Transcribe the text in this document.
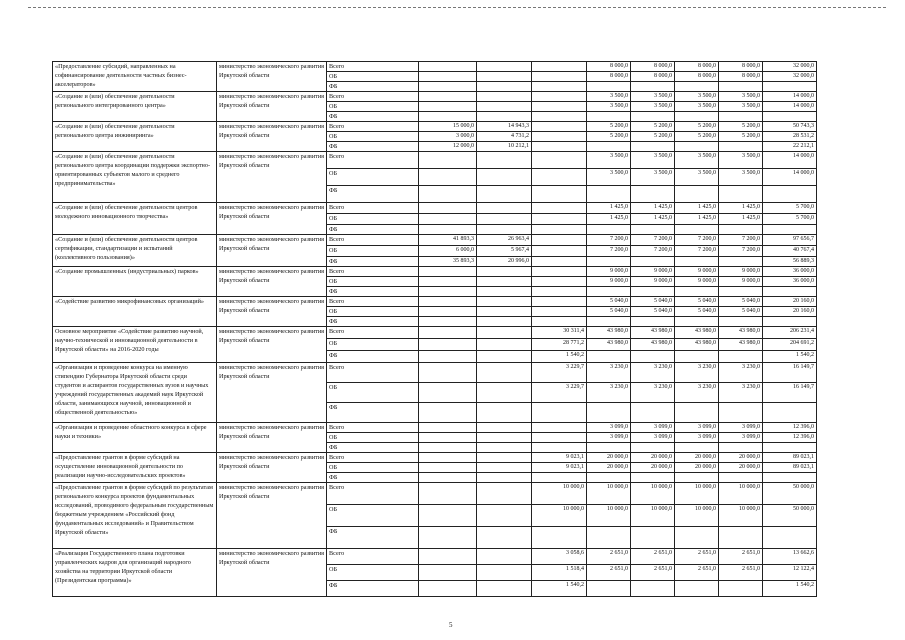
«Предоставление субсидий, направленных на софинансирование деятельности частных бизнес-акселераторов»	министерство экономического развития Иркутской области	Всего				8 000,0	8 000,0	8 000,0	8 000,0	32 000,0
		ОБ				8 000,0	8 000,0	8 000,0	8 000,0	32 000,0
		ФБ								
«Создание и (или) обеспечение деятельности регионального интегрированного центра»	министерство экономического развития Иркутской области	Всего				3 500,0	3 500,0	3 500,0	3 500,0	14 000,0
		ОБ				3 500,0	3 500,0	3 500,0	3 500,0	14 000,0
		ФБ								
«Создание и (или) обеспечение деятельности регионального центра инжиниринга»	министерство экономического развития Иркутской области	Всего	15 000,0	14 943,3		5 200,0	5 200,0	5 200,0	5 200,0	50 743,3
		ОБ	3 000,0	4 731,2		5 200,0	5 200,0	5 200,0	5 200,0	28 531,2
		ФБ	12 000,0	10 212,1						22 212,1
«Создание и (или) обеспечение деятельности регионального центра координации поддержки экспортно-ориентированных субъектов малого и среднего предпринимательства»	министерство экономического развития Иркутской области	Всего				3 500,0	3 500,0	3 500,0	3 500,0	14 000,0
		ОБ				3 500,0	3 500,0	3 500,0	3 500,0	14 000,0
		ФБ								
«Создание и (или) обеспечение деятельности центров молодежного инновационного творчества»	министерство экономического развития Иркутской области	Всего				1 425,0	1 425,0	1 425,0	1 425,0	5 700,0
		ОБ				1 425,0	1 425,0	1 425,0	1 425,0	5 700,0
		ФБ								
«Создание и (или) обеспечение деятельности центров сертификации, стандартизации и испытаний (коллективного пользования)»	министерство экономического развития Иркутской области	Всего	41 893,3	26 963,4		7 200,0	7 200,0	7 200,0	7 200,0	97 656,7
		ОБ	6 000,0	5 967,4		7 200,0	7 200,0	7 200,0	7 200,0	40 767,4
		ФБ	35 893,3	20 996,0						56 889,3
«Создание промышленных (индустриальных) парков»	министерство экономического развития Иркутской области	Всего				9 000,0	9 000,0	9 000,0	9 000,0	36 000,0
		ОБ				9 000,0	9 000,0	9 000,0	9 000,0	36 000,0
		ФБ								
«Содействие развитию микрофинансовых организаций»	министерство экономического развития Иркутской области	Всего				5 040,0	5 040,0	5 040,0	5 040,0	20 160,0
		ОБ				5 040,0	5 040,0	5 040,0	5 040,0	20 160,0
		ФБ								
Основное мероприятие «Содействие развитию научной, научно-технической и инновационной деятельности в Иркутской области» на 2016-2020 годы	министерство экономического развития Иркутской области	Всего			30 311,4	43 980,0	43 980,0	43 980,0	43 980,0	206 231,4
		ОБ			28 771,2	43 980,0	43 980,0	43 980,0	43 980,0	204 691,2
		ФБ			1 540,2					1 540,2
«Организация и проведение конкурса на именную стипендию Губернатора Иркутской области среди студентов и аспирантов государственных вузов и научных учреждений государственных академий наук Иркутской области, занимающихся научной, инновационной и общественной деятельностью»	министерство экономического развития Иркутской области	Всего			3 229,7	3 230,0	3 230,0	3 230,0	3 230,0	16 149,7
		ОБ			3 229,7	3 230,0	3 230,0	3 230,0	3 230,0	16 149,7
		ФБ								
«Организация и проведение областного конкурса в сфере науки и техники»	министерство экономического развития Иркутской области	Всего				3 099,0	3 099,0	3 099,0	3 099,0	12 396,0
		ОБ				3 099,0	3 099,0	3 099,0	3 099,0	12 396,0
		ФБ								
«Предоставление грантов в форме субсидий на осуществление инновационной деятельности по реализации научно-исследовательских проектов»	министерство экономического развития Иркутской области	Всего			9 023,1	20 000,0	20 000,0	20 000,0	20 000,0	89 023,1
		ОБ			9 023,1	20 000,0	20 000,0	20 000,0	20 000,0	89 023,1
		ФБ								
«Предоставление грантов в форме субсидий по результатам регионального конкурса проектов фундаментальных исследований, проводимого федеральным государственным бюджетным учреждением «Российский фонд фундаментальных исследований» и Правительством Иркутской области»	министерство экономического развития Иркутской области	Всего			10 000,0	10 000,0	10 000,0	10 000,0	10 000,0	50 000,0
		ОБ			10 000,0	10 000,0	10 000,0	10 000,0	10 000,0	50 000,0
		ФБ								
«Реализация Государственного плана подготовки управленческих кадров для организаций народного хозяйства на территории Иркутской области (Президентская программа)»	министерство экономического развития Иркутской области	Всего			3 058,6	2 651,0	2 651,0	2 651,0	2 651,0	13 662,6
		ОБ			1 518,4	2 651,0	2 651,0	2 651,0	2 651,0	12 122,4
		ФБ			1 540,2					1 540,2
5
